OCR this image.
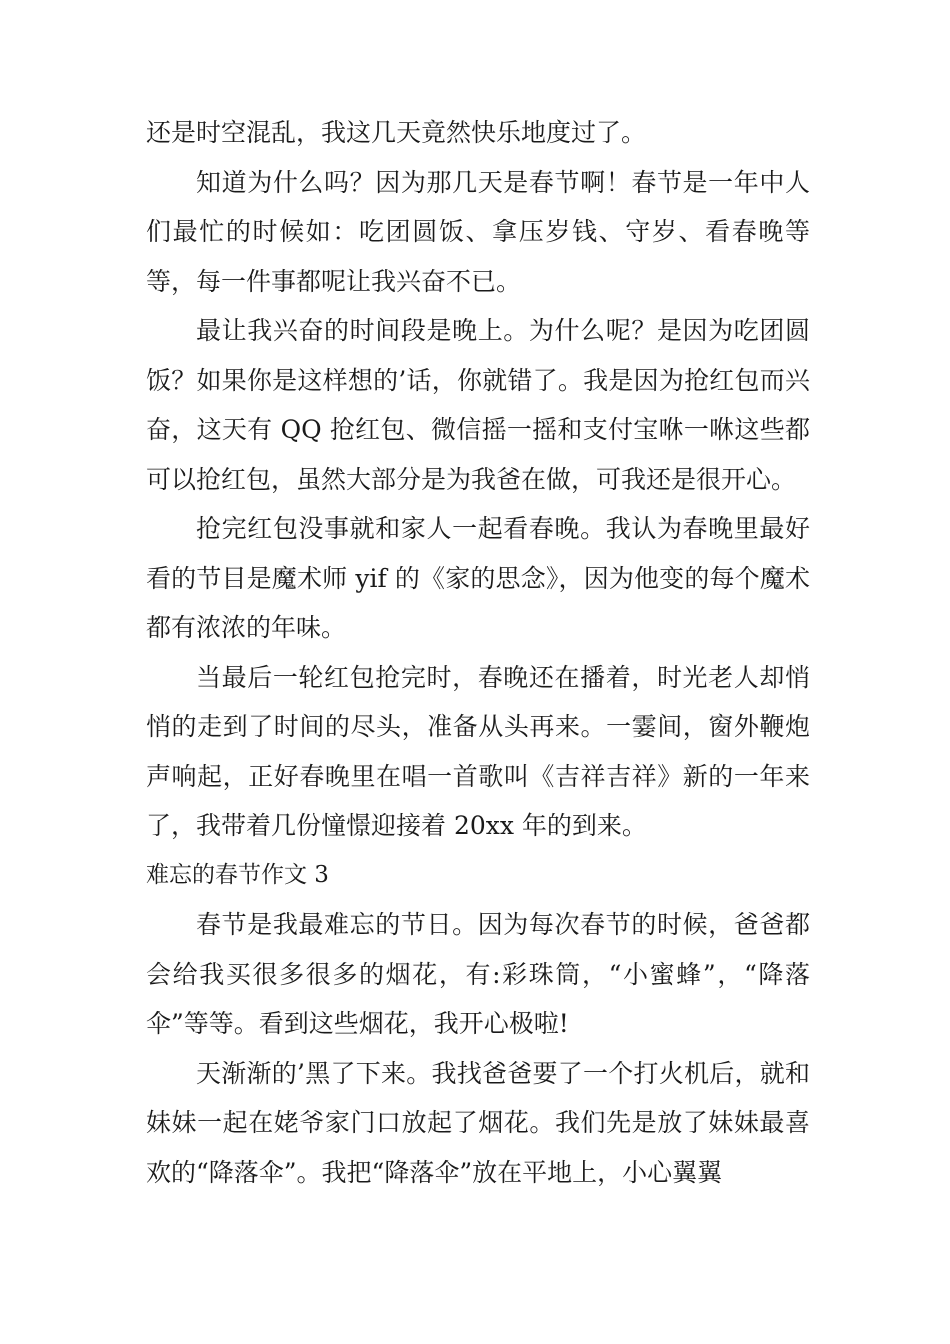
还是时空混乱，我这几天竟然快乐地度过了。

知道为什么吗？因为那几天是春节啊！春节是一年中人们最忙的时候如：吃团圆饭、拿压岁钱、守岁、看春晚等等，每一件事都呢让我兴奋不已。

最让我兴奋的时间段是晚上。为什么呢？是因为吃团圆饭？如果你是这样想的’话，你就错了。我是因为抢红包而兴奋，这天有 QQ 抢红包、微信摇一摇和支付宝咻一咻这些都可以抢红包，虽然大部分是为我爸在做，可我还是很开心。

抢完红包没事就和家人一起看春晚。我认为春晚里最好看的节目是魔术师 yif 的《家的思念》，因为他变的每个魔术都有浓浓的年味。

当最后一轮红包抢完时，春晚还在播着，时光老人却悄悄的走到了时间的尽头，准备从头再来。一霎间，窗外鞭炮声响起，正好春晚里在唱一首歌叫《吉祥吉祥》新的一年来了，我带着几份憧憬迎接着 20xx 年的到来。

难忘的春节作文 3

春节是我最难忘的节日。因为每次春节的时候，爸爸都会给我买很多很多的烟花，有:彩珠筒，“小蜜蜂”，“降落伞”等等。看到这些烟花，我开心极啦!

天渐渐的’黑了下来。我找爸爸要了一个打火机后，就和妹妹一起在姥爷家门口放起了烟花。我们先是放了妹妹最喜欢的“降落伞”。我把“降落伞”放在平地上，小心翼翼
